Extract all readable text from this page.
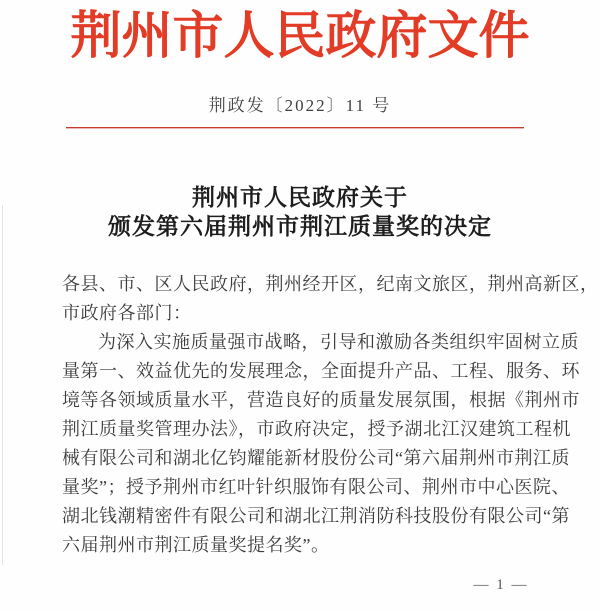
荆州市人民政府文件
荆政发〔2022〕11 号
荆州市人民政府关于
颁发第六届荆州市荆江质量奖的决定
各县、市、区人民政府，荆州经开区，纪南文旅区，荆州高新区，
市政府各部门：
为深入实施质量强市战略，引导和激励各类组织牢固树立质
量第一、效益优先的发展理念，全面提升产品、工程、服务、环
境等各领域质量水平，营造良好的质量发展氛围，根据《荆州市
荆江质量奖管理办法》，市政府决定，授予湖北江汉建筑工程机
械有限公司和湖北亿钧耀能新材股份公司“第六届荆州市荆江质
量奖”；授予荆州市红叶针织服饰有限公司、荆州市中心医院、
湖北钱潮精密件有限公司和湖北江荆消防科技股份有限公司“第
六届荆州市荆江质量奖提名奖”。
— 1 —
